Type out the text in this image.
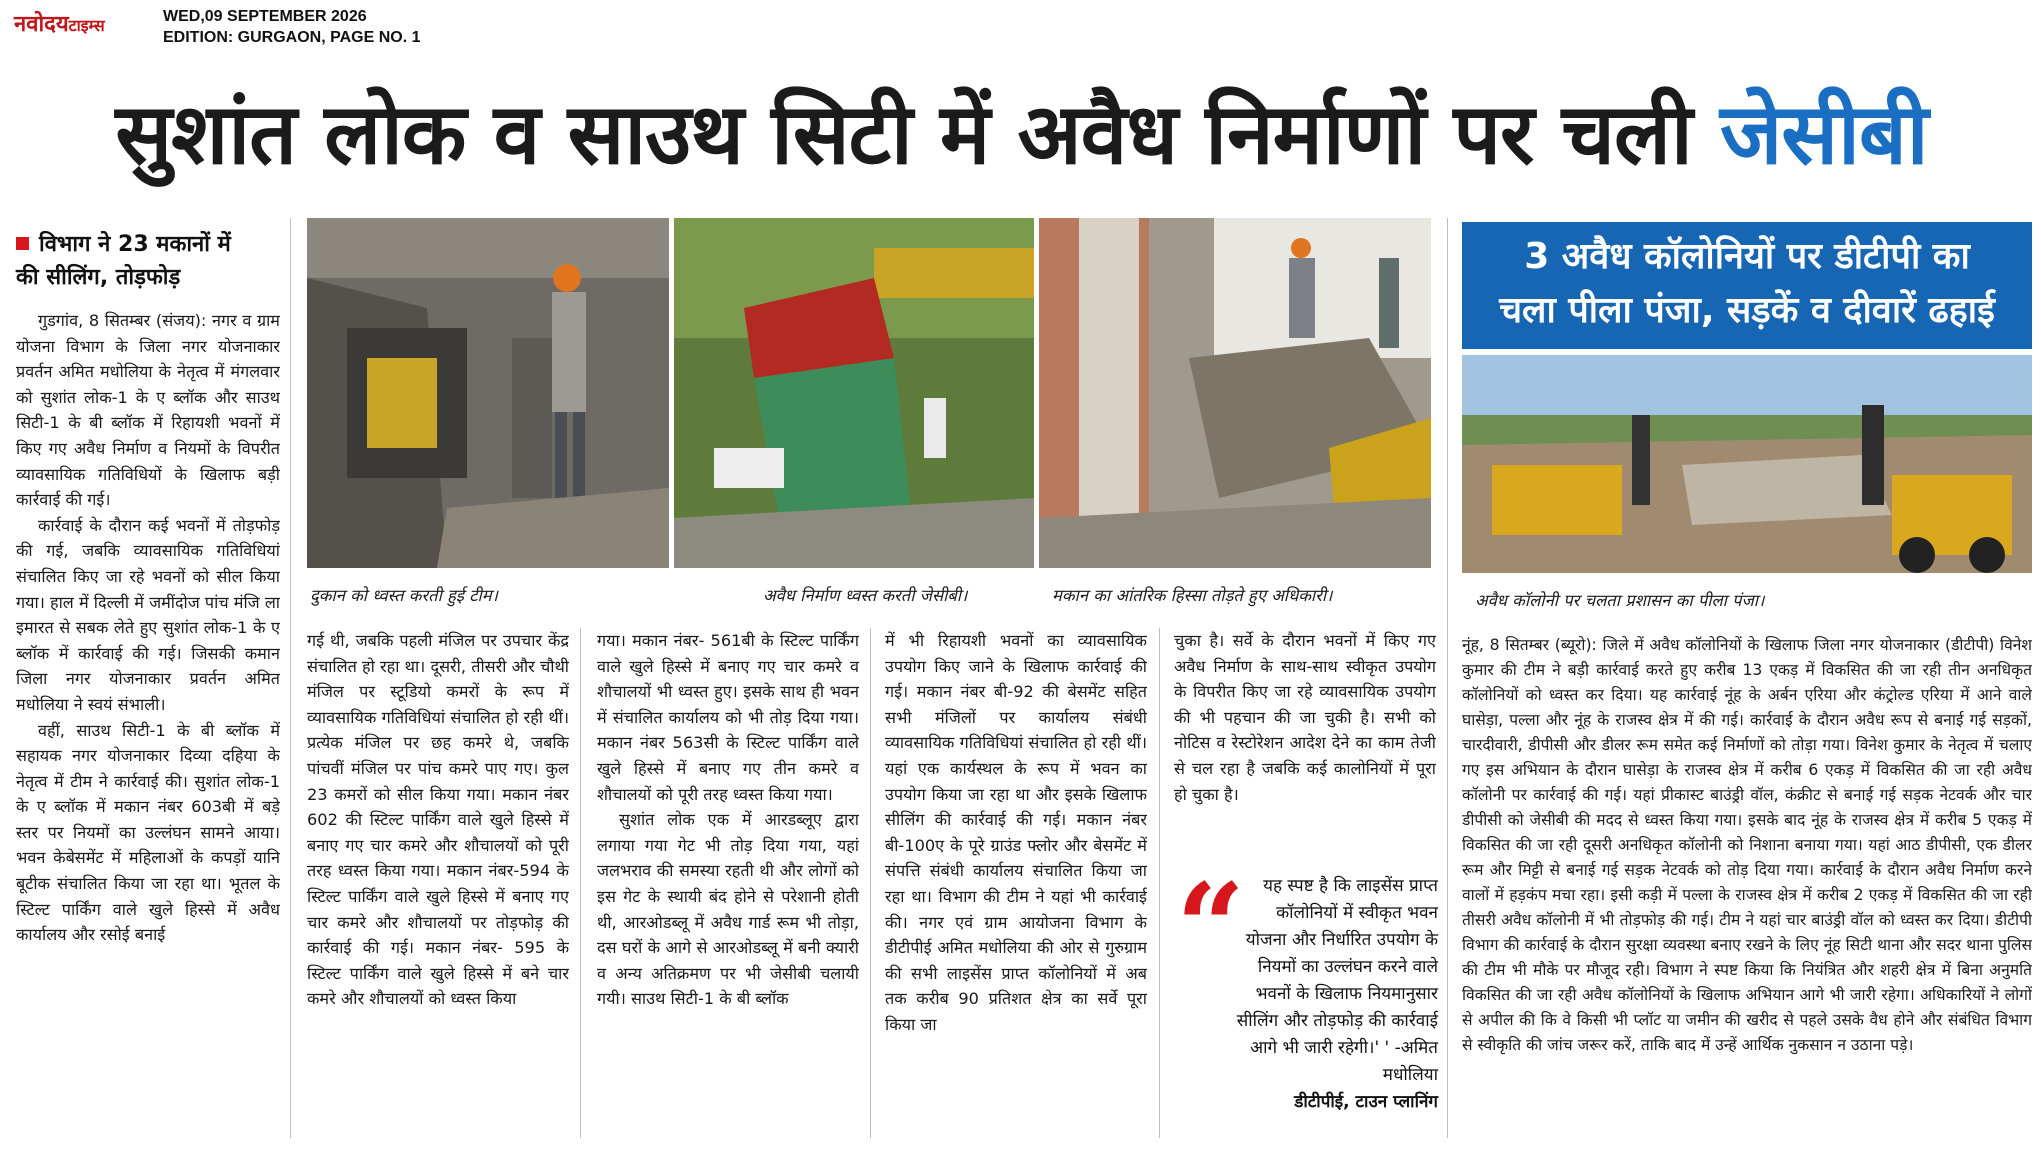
नवोदयटाइम्स	WED,09 SEPTEMBER 2026
EDITION: GURGAON, PAGE NO. 1
सुशांत लोक व साउथ सिटी में अवैध निर्माणों पर चली जेसीबी
विभाग ने 23 मकानों में
की सीलिंग, तोड़फोड़

गुडगांव, 8 सितम्बर (संजय): नगर व ग्राम योजना विभाग के जिला नगर योजनाकार प्रवर्तन अमित मधोलिया के नेतृत्व में मंगलवार को सुशांत लोक-1 के ए ब्लॉक और साउथ सिटी-1 के बी ब्लॉक में रिहायशी भवनों में किए गए अवैध निर्माण व नियमों के विपरीत व्यावसायिक गतिविधियों के खिलाफ बड़ी कार्रवाई की गई।

कार्रवाई के दौरान कई भवनों में तोड़फोड़ की गई, जबकि व्यावसायिक गतिविधियां संचालित किए जा रहे भवनों को सील किया गया। हाल में दिल्ली में जमींदोज पांच मंजि ला इमारत से सबक लेते हुए सुशांत लोक-1 के ए ब्लॉक में कार्रवाई की गई। जिसकी कमान जिला नगर योजनाकार प्रवर्तन अमित मधोलिया ने स्वयं संभाली।

वहीं, साउथ सिटी-1 के बी ब्लॉक में सहायक नगर योजनाकार दिव्या दहिया के नेतृत्व में टीम ने कार्रवाई की। सुशांत लोक-1 के ए ब्लॉक में मकान नंबर 603बी में बड़े स्तर पर नियमों का उल्लंघन सामने आया। भवन केबेसमेंट में महिलाओं के कपड़ों यानि बूटीक संचालित किया जा रहा था। भूतल के स्टिल्ट पार्किंग वाले खुले हिस्से में अवैध कार्यालय और रसोई बनाई

दुकान को ध्वस्त करती हुई टीम।	अवैध निर्माण ध्वस्त करती जेसीबी।	मकान का आंतरिक हिस्सा तोड़ते हुए अधिकारी।

गई थी, जबकि पहली मंजिल पर उपचार केंद्र संचालित हो रहा था। दूसरी, तीसरी और चौथी मंजिल पर स्टूडियो कमरों के रूप में व्यावसायिक गतिविधियां संचालित हो रही थीं। प्रत्येक मंजिल पर छह कमरे थे, जबकि पांचवीं मंजिल पर पांच कमरे पाए गए। कुल 23 कमरों को सील किया गया। मकान नंबर 602 की स्टिल्ट पार्किंग वाले खुले हिस्से में बनाए गए चार कमरे और शौचालयों को पूरी तरह ध्वस्त किया गया। मकान नंबर-594 के स्टिल्ट पार्किंग वाले खुले हिस्से में बनाए गए चार कमरे और शौचालयों पर तोड़फोड़ की कार्रवाई की गई। मकान नंबर- 595 के स्टिल्ट पार्किंग वाले खुले हिस्से में बने चार कमरे और शौचालयों को ध्वस्त किया

गया। मकान नंबर- 561बी के स्टिल्ट पार्किंग वाले खुले हिस्से में बनाए गए चार कमरे व शौचालयों भी ध्वस्त हुए। इसके साथ ही भवन में संचालित कार्यालय को भी तोड़ दिया गया। मकान नंबर 563सी के स्टिल्ट पार्किंग वाले खुले हिस्से में बनाए गए तीन कमरे व शौचालयों को पूरी तरह ध्वस्त किया गया।

सुशांत लोक एक में आरडब्लूए द्वारा लगाया गया गेट भी तोड़ दिया गया, यहां जलभराव की समस्या रहती थी और लोगों को इस गेट के स्थायी बंद होने से परेशानी होती थी, आरओडब्लू में अवैध गार्ड रूम भी तोड़ा, दस घरों के आगे से आरओडब्लू में बनी क्यारी व अन्य अतिक्रमण पर भी जेसीबी चलायी गयी। साउथ सिटी-1 के बी ब्लॉक

में भी रिहायशी भवनों का व्यावसायिक उपयोग किए जाने के खिलाफ कार्रवाई की गई। मकान नंबर बी-92 की बेसमेंट सहित सभी मंजिलों पर कार्यालय संबंधी व्यावसायिक गतिविधियां संचालित हो रही थीं। यहां एक कार्यस्थल के रूप में भवन का उपयोग किया जा रहा था और इसके खिलाफ सीलिंग की कार्रवाई की गई। मकान नंबर बी-100ए के पूरे ग्राउंड फ्लोर और बेसमेंट में संपत्ति संबंधी कार्यालय संचालित किया जा रहा था। विभाग की टीम ने यहां भी कार्रवाई की। नगर एवं ग्राम आयोजना विभाग के डीटीपीई अमित मधोलिया की ओर से गुरुग्राम की सभी लाइसेंस प्राप्त कॉलोनियों में अब तक करीब 90 प्रतिशत क्षेत्र का सर्वे पूरा किया जा

चुका है। सर्वे के दौरान भवनों में किए गए अवैध निर्माण के साथ-साथ स्वीकृत उपयोग के विपरीत किए जा रहे व्यावसायिक उपयोग की भी पहचान की जा चुकी है। सभी को नोटिस व रेस्टोरेशन आदेश देने का काम तेजी से चल रहा है जबकि कई कालोनियों में पूरा हो चुका है।

“	यह स्पष्ट है कि लाइसेंस प्राप्त कॉलोनियों में स्वीकृत भवन योजना और निर्धारित उपयोग के नियमों का उल्लंघन करने वाले भवनों के खिलाफ नियमानुसार सीलिंग और तोड़फोड़ की कार्रवाई आगे भी जारी रहेगी।' ' -अमित मधोलिया
डीटीपीई, टाउन प्लानिंग
3 अवैध कॉलोनियों पर डीटीपी का
चला पीला पंजा, सड़कें व दीवारें ढहाई
अवैध कॉलोनी पर चलता प्रशासन का पीला पंजा।

नूंह, 8 सितम्बर (ब्यूरो): जिले में अवैध कॉलोनियों के खिलाफ जिला नगर योजनाकार (डीटीपी) विनेश कुमार की टीम ने बड़ी कार्रवाई करते हुए करीब 13 एकड़ में विकसित की जा रही तीन अनधिकृत कॉलोनियों को ध्वस्त कर दिया। यह कार्रवाई नूंह के अर्बन एरिया और कंट्रोल्ड एरिया में आने वाले घासेड़ा, पल्ला और नूंह के राजस्व क्षेत्र में की गई। कार्रवाई के दौरान अवैध रूप से बनाई गई सड़कों, चारदीवारी, डीपीसी और डीलर रूम समेत कई निर्माणों को तोड़ा गया। विनेश कुमार के नेतृत्व में चलाए गए इस अभियान के दौरान घासेड़ा के राजस्व क्षेत्र में करीब 6 एकड़ में विकसित की जा रही अवैध कॉलोनी पर कार्रवाई की गई। यहां प्रीकास्ट बाउंड्री वॉल, कंक्रीट से बनाई गई सड़क नेटवर्क और चार डीपीसी को जेसीबी की मदद से ध्वस्त किया गया। इसके बाद नूंह के राजस्व क्षेत्र में करीब 5 एकड़ में विकसित की जा रही दूसरी अनधिकृत कॉलोनी को निशाना बनाया गया। यहां आठ डीपीसी, एक डीलर रूम और मिट्टी से बनाई गई सड़क नेटवर्क को तोड़ दिया गया। कार्रवाई के दौरान अवैध निर्माण करने वालों में हड़कंप मचा रहा। इसी कड़ी में पल्ला के राजस्व क्षेत्र में करीब 2 एकड़ में विकसित की जा रही तीसरी अवैध कॉलोनी में भी तोड़फोड़ की गई। टीम ने यहां चार बाउंड्री वॉल को ध्वस्त कर दिया। डीटीपी विभाग की कार्रवाई के दौरान सुरक्षा व्यवस्था बनाए रखने के लिए नूंह सिटी थाना और सदर थाना पुलिस की टीम भी मौके पर मौजूद रही। विभाग ने स्पष्ट किया कि नियंत्रित और शहरी क्षेत्र में बिना अनुमति विकसित की जा रही अवैध कॉलोनियों के खिलाफ अभियान आगे भी जारी रहेगा। अधिकारियों ने लोगों से अपील की कि वे किसी भी प्लॉट या जमीन की खरीद से पहले उसके वैध होने और संबंधित विभाग से स्वीकृति की जांच जरूर करें, ताकि बाद में उन्हें आर्थिक नुकसान न उठाना पड़े।
